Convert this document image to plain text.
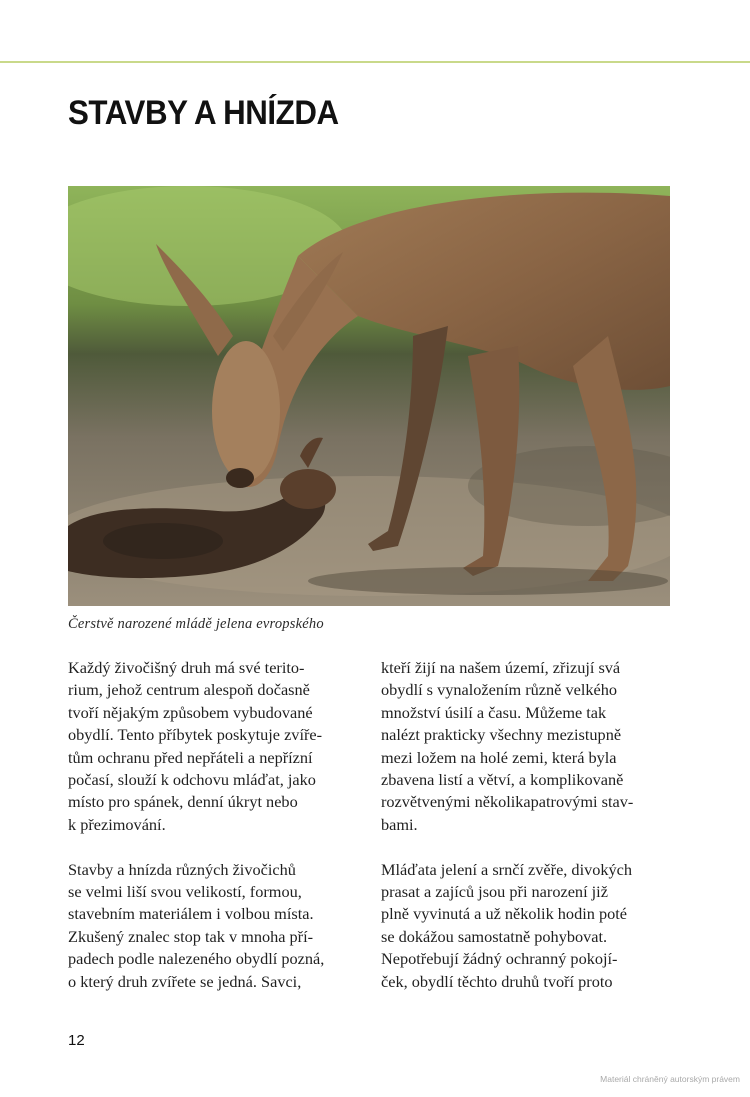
STAVBY A HNÍZDA
Čerstvě narozené mládě jelena evropského

Každý živočišný druh má své terito-
rium, jehož centrum alespoň dočasně
tvoří nějakým způsobem vybudované
obydlí. Tento příbytek poskytuje zvíře-
tům ochranu před nepřáteli a nepřízní
počasí, slouží k odchovu mláďat, jako
místo pro spánek, denní úkryt nebo
k přezimování.

Stavby a hnízda různých živočichů
se velmi liší svou velikostí, formou,
stavebním materiálem i volbou místa.
Zkušený znalec stop tak v mnoha pří-
padech podle nalezeného obydlí pozná,
o který druh zvířete se jedná. Savci,

kteří žijí na našem území, zřizují svá
obydlí s vynaložením různě velkého
množství úsilí a času. Můžeme tak
nalézt prakticky všechny mezistupně
mezi ložem na holé zemi, která byla
zbavena listí a větví, a komplikovaně
rozvětvenými několikapatrovými stav-
bami.

Mláďata jelení a srnčí zvěře, divokých
prasat a zajíců jsou při narození již
plně vyvinutá a už několik hodin poté
se dokážou samostatně pohybovat.
Nepotřebují žádný ochranný pokojí-
ček, obydlí těchto druhů tvoří proto

12
Materiál chráněný autorským právem
